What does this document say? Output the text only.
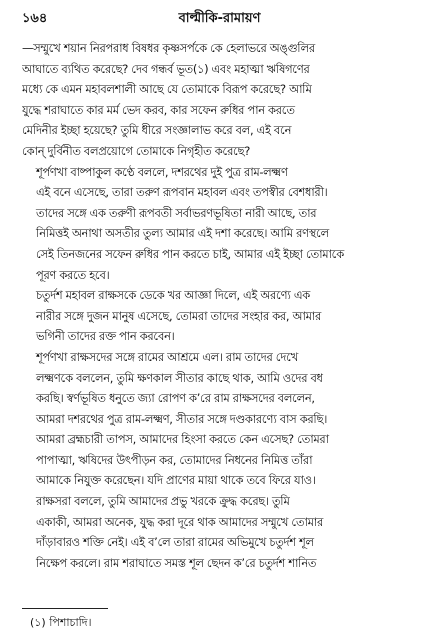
১৬৪	বাল্মীকি-রামায়ণ
—সম্মুখে শয়ান নিরপরাধ বিষধর কৃষ্ণসর্পকে কে হেলাভরে অঙ্গুলির
আঘাতে ব্যথিত করেছে? দেব গন্ধর্ব ভূত(১) এবং মহাত্মা ঋষিগণের
মধ্যে কে এমন মহাবলশালী আছে যে তোমাকে বিরূপ করেছে? আমি
যুদ্ধে শরাঘাতে কার মর্ম ভেদ করব, কার সফেন রুধির পান করতে
মেদিনীর ইচ্ছা হয়েছে? তুমি ধীরে সংজ্ঞালাভ করে বল, এই বনে
কোন্ দুর্বিনীত বলপ্রয়োগে তোমাকে নিগৃহীত করেছে?
শূর্পণখা বাষ্পাকুল কণ্ঠে বললে, দশরথের দুই পুত্র রাম-লক্ষ্মণ
এই বনে এসেছে, তারা তরুণ রূপবান মহাবল এবং তপস্বীর বেশধারী।
তাদের সঙ্গে এক তরুণী রূপবতী সর্বাভরণভূষিতা নারী আছে, তার
নিমিত্তই অনাথা অসতীর তুল্য আমার এই দশা করেছে। আমি রণস্থলে
সেই তিনজনের সফেন রুধির পান করতে চাই, আমার এই ইচ্ছা তোমাকে
পূরণ করতে হবে।
চতুর্দশ মহাবল রাক্ষসকে ডেকে খর আজ্ঞা দিলে, এই অরণ্যে এক
নারীর সঙ্গে দুজন মানুষ এসেছে, তোমরা তাদের সংহার কর, আমার
ভগিনী তাদের রক্ত পান করবেন।
শূর্পণখা রাক্ষসদের সঙ্গে রামের আশ্রমে এল। রাম তাদের দেখে
লক্ষ্মণকে বললেন, তুমি ক্ষণকাল সীতার কাছে থাক, আমি ওদের বধ
করছি। স্বর্ণভূষিত ধনুতে জ্যা রোপণ ক’রে রাম রাক্ষসদের বললেন,
আমরা দশরথের পুত্র রাম-লক্ষ্মণ, সীতার সঙ্গে দণ্ডকারণ্যে বাস করছি।
আমরা ব্রহ্মচারী তাপস, আমাদের হিংসা করতে কেন এসেছ? তোমরা
পাপাত্মা, ঋষিদের উৎপীড়ন কর, তোমাদের নিধনের নিমিত্ত তাঁরা
আমাকে নিযুক্ত করেছেন। যদি প্রাণের মায়া থাকে তবে ফিরে যাও।
রাক্ষসরা বললে, তুমি আমাদের প্রভু খরকে ক্রুদ্ধ করেছ। তুমি
একাকী, আমরা অনেক, যুদ্ধ করা দূরে থাক আমাদের সম্মুখে তোমার
দাঁড়াবারও শক্তি নেই। এই ব’লে তারা রামের অভিমুখে চতুর্দশ শূল
নিক্ষেপ করলে। রাম শরাঘাতে সমস্ত শূল ছেদন ক’রে চতুর্দশ শানিত
(১) পিশাচাদি।
